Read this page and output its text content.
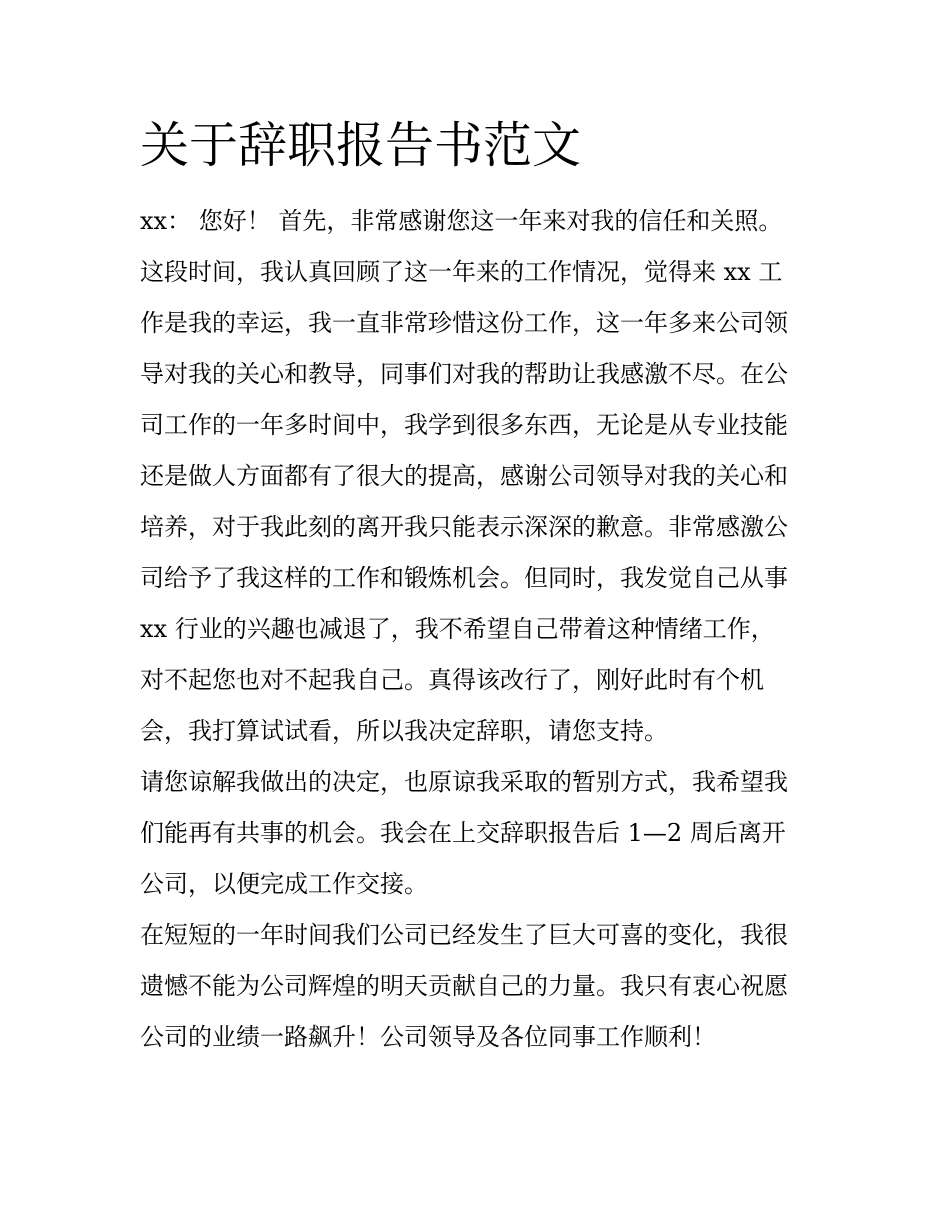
关于辞职报告书范文

xx： 您好！ 首先，非常感谢您这一年来对我的信任和关照。

这段时间，我认真回顾了这一年来的工作情况，觉得来 xx 工

作是我的幸运，我一直非常珍惜这份工作，这一年多来公司领

导对我的关心和教导，同事们对我的帮助让我感激不尽。在公

司工作的一年多时间中，我学到很多东西，无论是从专业技能

还是做人方面都有了很大的提高，感谢公司领导对我的关心和

培养，对于我此刻的离开我只能表示深深的歉意。非常感激公

司给予了我这样的工作和锻炼机会。但同时，我发觉自己从事

xx 行业的兴趣也减退了，我不希望自己带着这种情绪工作，

对不起您也对不起我自己。真得该改行了，刚好此时有个机

会，我打算试试看，所以我决定辞职，请您支持。

请您谅解我做出的决定，也原谅我采取的暂别方式，我希望我

们能再有共事的机会。我会在上交辞职报告后 1—2 周后离开

公司，以便完成工作交接。

在短短的一年时间我们公司已经发生了巨大可喜的变化，我很

遗憾不能为公司辉煌的明天贡献自己的力量。我只有衷心祝愿

公司的业绩一路飙升！公司领导及各位同事工作顺利！
